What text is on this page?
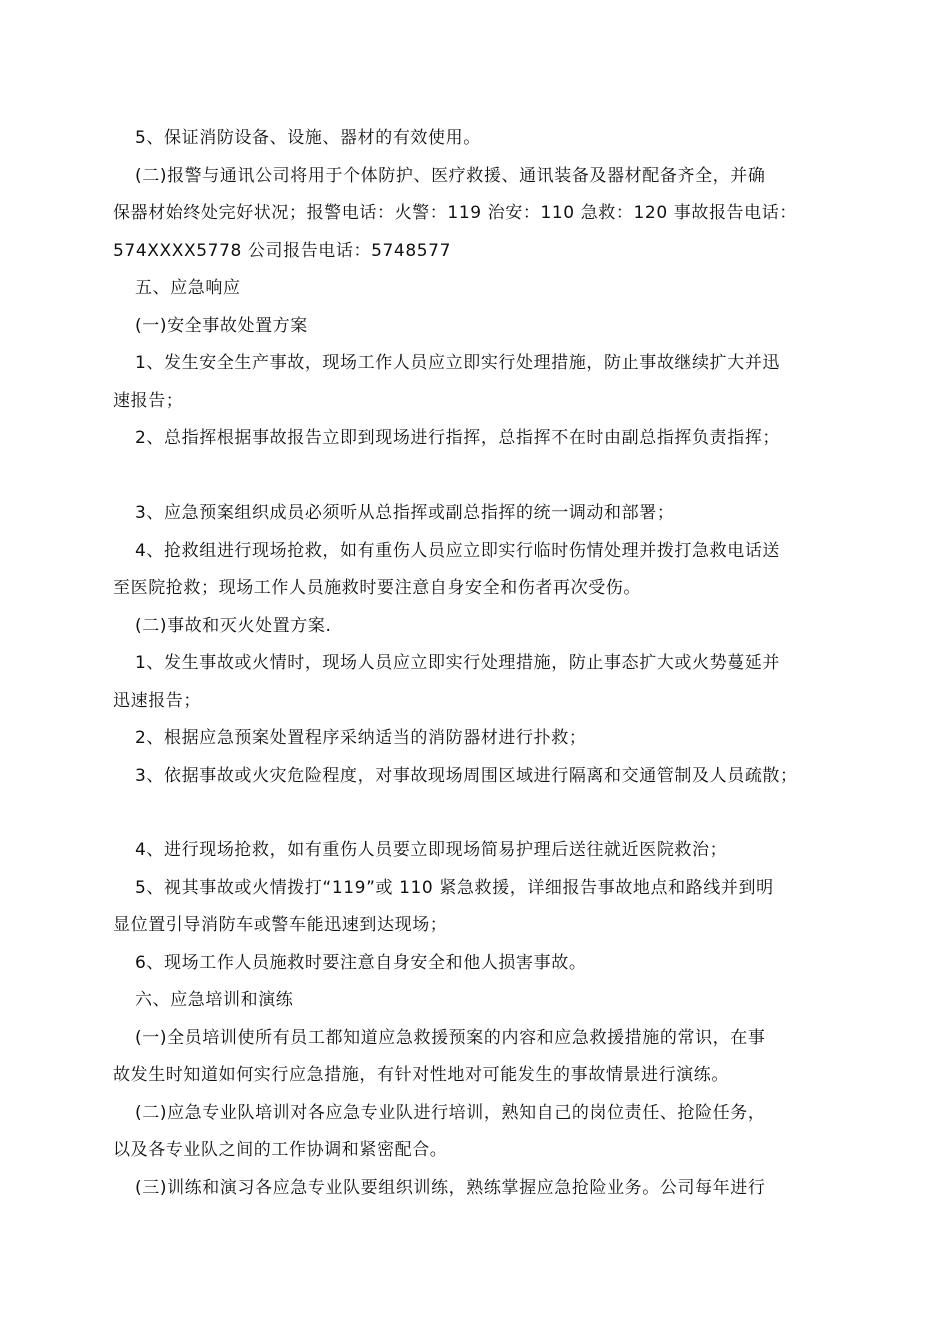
5、保证消防设备、设施、器材的有效使用。
(二)报警与通讯公司将用于个体防护、医疗救援、通讯装备及器材配备齐全，并确
保器材始终处完好状况；报警电话：火警：119 治安：110 急救：120 事故报告电话：
574XXXX5778 公司报告电话：5748577
五、应急响应
(一)安全事故处置方案
1、发生安全生产事故，现场工作人员应立即实行处理措施，防止事故继续扩大并迅
速报告；
2、总指挥根据事故报告立即到现场进行指挥，总指挥不在时由副总指挥负责指挥；
3、应急预案组织成员必须听从总指挥或副总指挥的统一调动和部署；
4、抢救组进行现场抢救，如有重伤人员应立即实行临时伤情处理并拨打急救电话送
至医院抢救；现场工作人员施救时要注意自身安全和伤者再次受伤。
(二)事故和灭火处置方案.
1、发生事故或火情时，现场人员应立即实行处理措施，防止事态扩大或火势蔓延并
迅速报告；
2、根据应急预案处置程序采纳适当的消防器材进行扑救；
3、依据事故或火灾危险程度，对事故现场周围区域进行隔离和交通管制及人员疏散；
4、进行现场抢救，如有重伤人员要立即现场简易护理后送往就近医院救治；
5、视其事故或火情拨打“119”或 110 紧急救援，详细报告事故地点和路线并到明
显位置引导消防车或警车能迅速到达现场；
6、现场工作人员施救时要注意自身安全和他人损害事故。
六、应急培训和演练
(一)全员培训使所有员工都知道应急救援预案的内容和应急救援措施的常识，在事
故发生时知道如何实行应急措施，有针对性地对可能发生的事故情景进行演练。
(二)应急专业队培训对各应急专业队进行培训，熟知自己的岗位责任、抢险任务，
以及各专业队之间的工作协调和紧密配合。
(三)训练和演习各应急专业队要组织训练，熟练掌握应急抢险业务。公司每年进行
